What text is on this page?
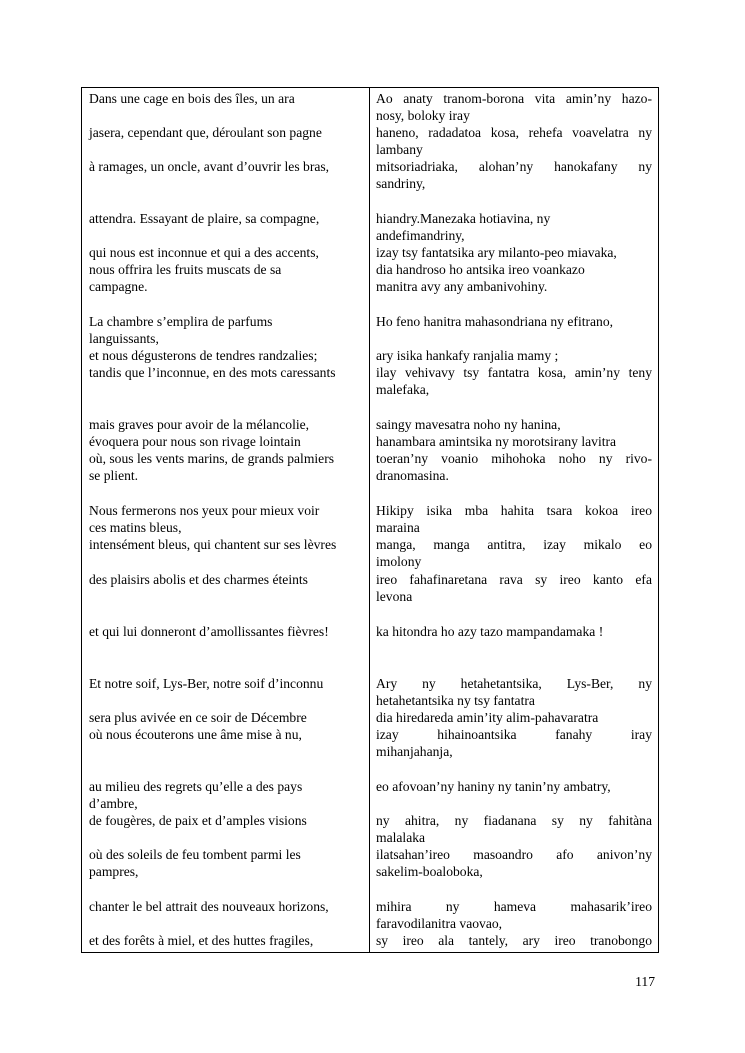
Dans une cage en bois des îles, un ara
jasera, cependant que, déroulant son pagne
à ramages, un oncle, avant d’ouvrir les bras,
attendra. Essayant de plaire, sa compagne,
qui nous est inconnue et qui a des accents,
nous offrira les fruits muscats de sa
campagne.
La chambre s’emplira de parfums
languissants,
et nous dégusterons de tendres randzalies;
tandis que l’inconnue, en des mots caressants
mais graves pour avoir de la mélancolie,
évoquera pour nous son rivage lointain
où, sous les vents marins, de grands palmiers
se plient.
Nous fermerons nos yeux pour mieux voir
ces matins bleus,
intensément bleus, qui chantent sur ses lèvres
des plaisirs abolis et des charmes éteints
et qui lui donneront d’amollissantes fièvres!
Et notre soif, Lys-Ber, notre soif d’inconnu
sera plus avivée en ce soir de Décembre
où nous écouterons une âme mise à nu,
au milieu des regrets qu’elle a des pays
d’ambre,
de fougères, de paix et d’amples visions
où des soleils de feu tombent parmi les
pampres,
chanter le bel attrait des nouveaux horizons,
et des forêts à miel, et des huttes fragiles,
Ao anaty tranom-borona vita amin’ny hazo-
nosy, boloky iray
haneno, radadatoa kosa, rehefa voavelatra ny
lambany
mitsoriadriaka, alohan’ny hanokafany ny
sandriny,
hiandry.Manezaka hotiavina, ny
andefimandriny,
izay tsy fantatsika ary milanto-peo miavaka,
dia handroso ho antsika ireo voankazo
manitra avy any ambanivohiny.
Ho feno hanitra mahasondriana ny efitrano,
ary isika hankafy ranjalia mamy ;
ilay vehivavy tsy fantatra kosa, amin’ny teny
malefaka,
saingy mavesatra noho ny hanina,
hanambara amintsika ny morotsirany lavitra
toeran’ny voanio mihohoka noho ny rivo-
dranomasina.
Hikipy isika mba hahita tsara kokoa ireo
maraina
manga, manga antitra, izay mikalo eo
imolony
ireo fahafinaretana rava sy ireo kanto efa
levona
ka hitondra ho azy tazo mampandamaka !
Ary ny hetahetantsika, Lys-Ber, ny
hetahetantsika ny tsy fantatra
dia hiredareda amin’ity alim-pahavaratra
izay hihainoantsika fanahy iray
mihanjahanja,
eo afovoan’ny haniny ny tanin’ny ambatry,
ny ahitra, ny fiadanana sy ny fahitàna
malalaka
ilatsahan’ireo masoandro afo anivon’ny
sakelim-boaloboka,
mihira ny hameva mahasarik’ireo
faravodilanitra vaovao,
sy ireo ala tantely, ary ireo tranobongo
117
